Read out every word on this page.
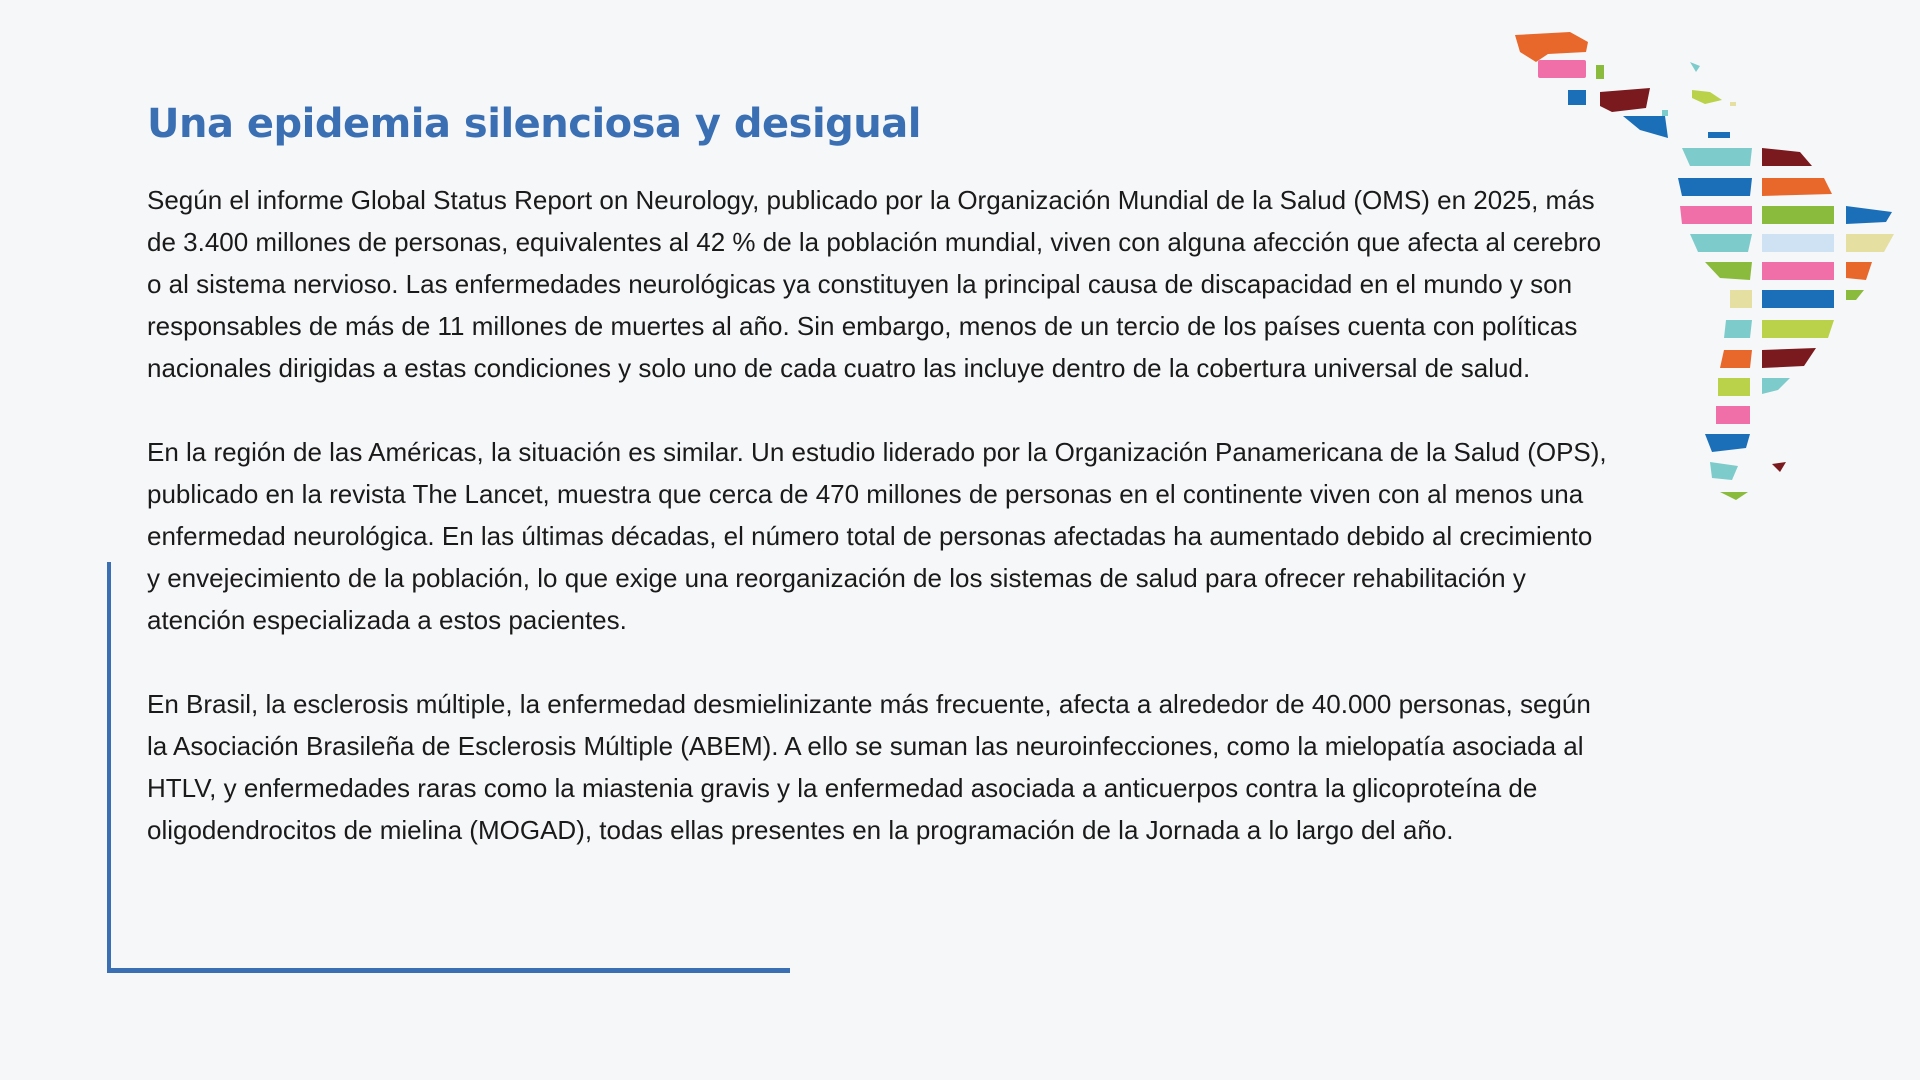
Una epidemia silenciosa y desigual

Según el informe Global Status Report on Neurology, publicado por la Organización Mundial de la Salud (OMS) en 2025, más de 3.400 millones de personas, equivalentes al 42 % de la población mundial, viven con alguna afección que afecta al cerebro o al sistema nervioso. Las enfermedades neurológicas ya constituyen la principal causa de discapacidad en el mundo y son responsables de más de 11 millones de muertes al año. Sin embargo, menos de un tercio de los países cuenta con políticas nacionales dirigidas a estas condiciones y solo uno de cada cuatro las incluye dentro de la cobertura universal de salud.

En la región de las Américas, la situación es similar. Un estudio liderado por la Organización Panamericana de la Salud (OPS), publicado en la revista The Lancet, muestra que cerca de 470 millones de personas en el continente viven con al menos una enfermedad neurológica. En las últimas décadas, el número total de personas afectadas ha aumentado debido al crecimiento y envejecimiento de la población, lo que exige una reorganización de los sistemas de salud para ofrecer rehabilitación y atención especializada a estos pacientes.

En Brasil, la esclerosis múltiple, la enfermedad desmielinizante más frecuente, afecta a alrededor de 40.000 personas, según la Asociación Brasileña de Esclerosis Múltiple (ABEM). A ello se suman las neuroinfecciones, como la mielopatía asociada al HTLV, y enfermedades raras como la miastenia gravis y la enfermedad asociada a anticuerpos contra la glicoproteína de oligodendrocitos de mielina (MOGAD), todas ellas presentes en la programación de la Jornada a lo largo del año.
